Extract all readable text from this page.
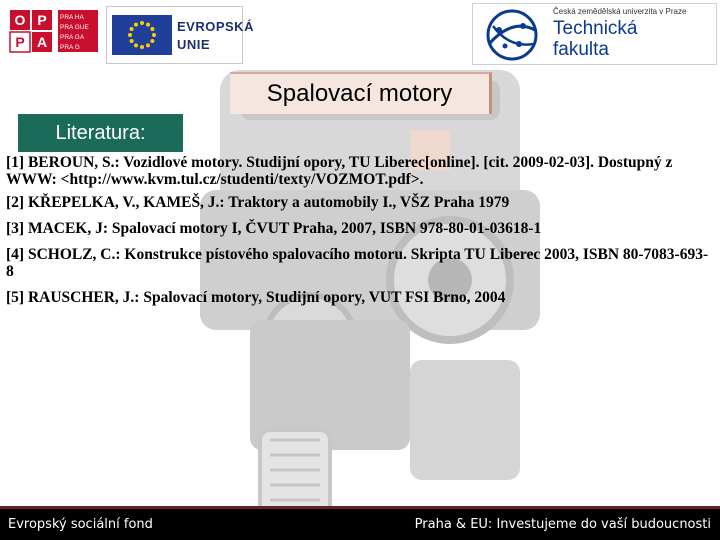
O P
P A
PRA HA
PRA GUE
PRA GA
PRA G
EVROPSKÁ
UNIE
Česká zemědělská univerzita v Praze
Technická
fakulta
Spalovací motory
Literatura:

[1] BEROUN, S.: Vozidlové motory. Studijní opory, TU Liberec[online]. [cit. 2009-02-03]. Dostupný z WWW: <http://www.kvm.tul.cz/studenti/texty/VOZMOT.pdf>.

[2] KŘEPELKA, V., KAMEŠ, J.: Traktory a automobily I., VŠZ Praha 1979

[3] MACEK, J: Spalovací motory I, ČVUT Praha, 2007, ISBN 978-80-01-03618-1

[4] SCHOLZ, C.: Konstrukce pístového spalovacího motoru. Skripta TU Liberec 2003, ISBN 80-7083-693-8

[5] RAUSCHER, J.: Spalovací motory, Studijní opory, VUT FSI Brno, 2004

Evropský sociální fond	Praha & EU: Investujeme do vaší budoucnosti
